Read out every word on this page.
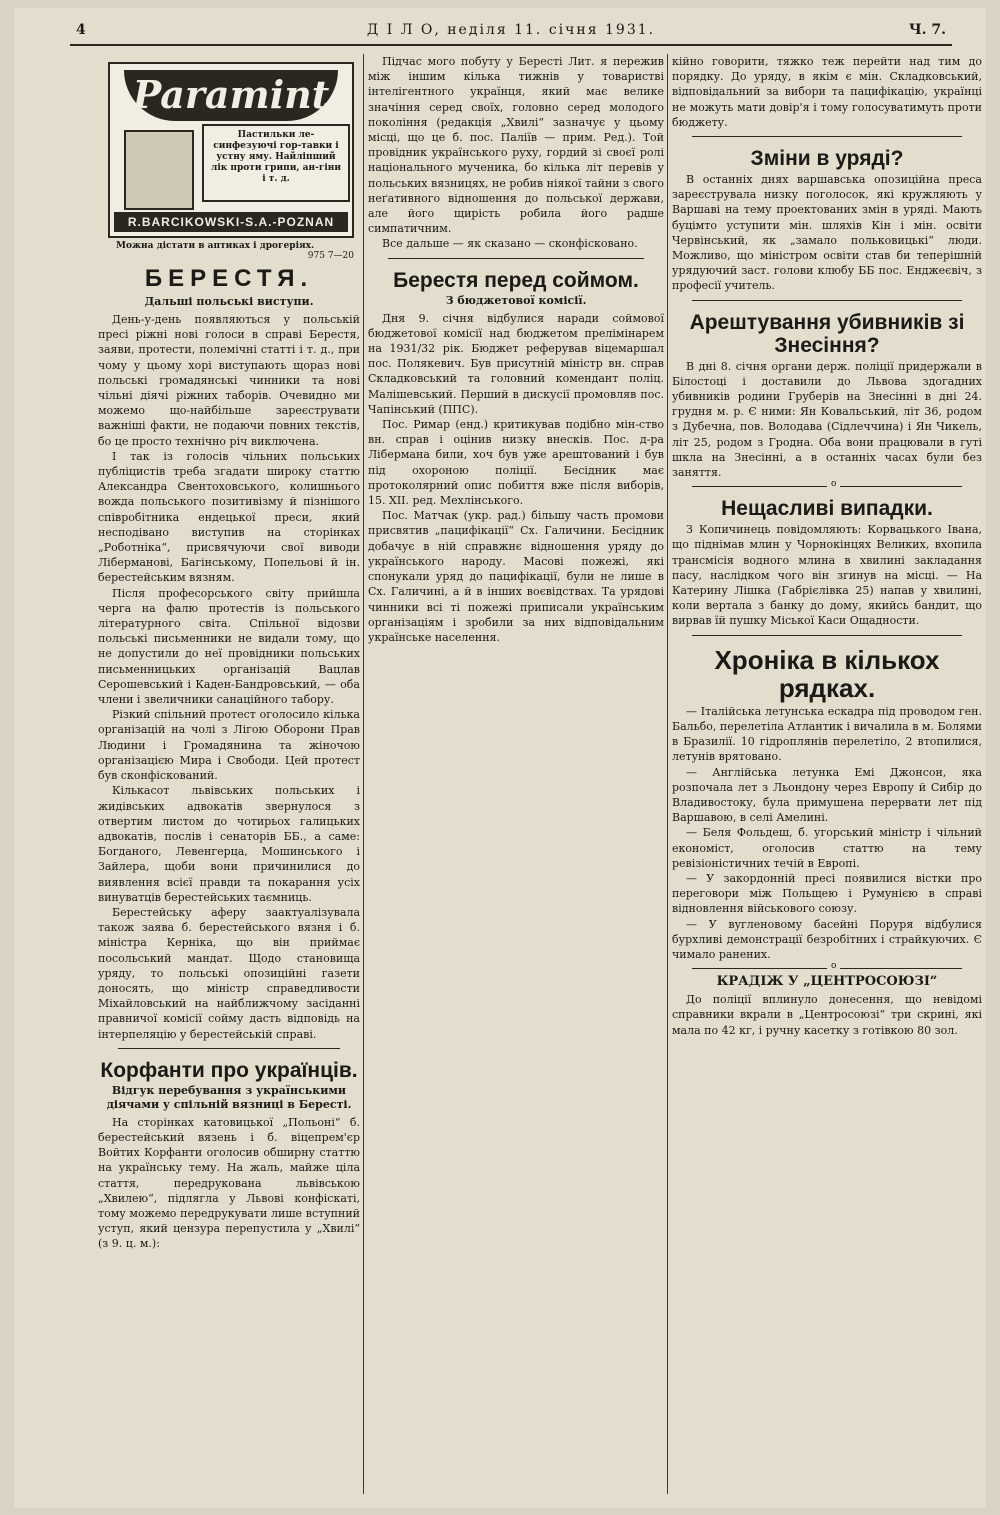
4	Д І Л О, неділя 11. січня 1931.	Ч. 7.
Paramint
Пастильки ле-синфезуючі гор-тавки і устну яму. Найліпший лік проти грипи, ан-гіни і т. д.
R.BARCIKOWSKI-S.A.-POZNAN
Можна дістати в аптиках і дрогеріях.
975 7—20
БЕРЕСТЯ.
Дальші польські виступи.

День-у-день появляються у польській пресі ріжні нові голоси в справі Берестя, заяви, протести, полемічні статті і т. д., при чому у цьому хорі виступають щораз нові польські громадянські чинники та нові чільні діячі ріжних таборів. Очевидно ми можемо що-найбільше зареєструвати важніші факти, не подаючи повних текстів, бо це просто технічно річ виключена.

І так із голосів чільних польських публіцистів треба згадати широку статтю Александра Свентоховського, колишнього вожда польського позитивізму й пізнішого співробітника ендецької преси, який несподівано виступив на сторінках „Роботніка“, присвячуючи свої виводи Ліберманові, Багінському, Попельові й ін. берестейським вязням.

Після професорського світу прийшла черга на фалю протестів із польського літературного світа. Спільної відозви польські письменники не видали тому, що не допустили до неї провідники польських письменницьких організацій Вацлав Серошевський і Каден-Бандровський, — оба члени і звеличники санаційного табору.

Різкий спільний протест оголосило кілька організацій на чолі з Лігою Оборони Прав Людини і Громадянина та жіночою організацією Мира і Свободи. Цей протест був сконфіскований.

Кількасот львівських польських і жидівських адвокатів звернулося з отвертим листом до чотирьох галицьких адвокатів, послів і сенаторів ББ., а саме: Богданого, Левенгерца, Мошинського і Зайлера, щоби вони причинилися до виявлення всієї правди та покарання усіх винуватців берестейських таємниць.

Берестейську аферу заактуалізувала також заява б. берестейського вязня і б. міністра Керніка, що він приймає посольський мандат. Щодо становища уряду, то польські опозиційні газети доносять, що міністр справедливости Міхайловський на найближчому засіданні правничої комісії сойму дасть відповідь на інтерпеляцію у берестейській справі.

Корфанти про українців.
Відгук перебування з українськими діячами у спільній вязниці в Бересті.

На сторінках катовицької „Польоні“ б. берестейський вязень і б. віцепрем'єр Войтих Корфанти оголосив обширну статтю на українську тему. На жаль, майже ціла стаття, передрукована львівською „Хвилею“, підлягла у Львові конфіскаті, тому можемо передрукувати лише вступний уступ, який цензура перепустила у „Хвилі“ (з 9. ц. м.):

Підчас мого побуту у Бересті Лит. я пережив між іншим кілька тижнів у товаристві інтелігентного українця, який має велике значіння серед своїх, головно серед молодого покоління (редакція „Хвилі“ зазначує у цьому місці, що це б. пос. Паліїв — прим. Ред.). Той провідник українського руху, гордий зі своєї ролі національного мученика, бо кілька літ перевів у польських вязницях, не робив ніякої тайни з свого неґативного відношення до польської держави, але його щирість робила його радше симпатичним.

Все дальше — як сказано — сконфісковано.

Берестя перед соймом.
З бюджетової комісії.

Дня 9. січня відбулися наради соймової бюджетової комісії над бюджетом прелімінарем на 1931/32 рік. Бюджет реферував віцемаршал пос. Полякевич. Був присутній міністр вн. справ Складковський та головний комендант поліц. Малішевський. Перший в дискусії промовляв пос. Чапінський (ППС).

Пос. Римар (енд.) критикував подібно мін-ство вн. справ і оцінив низку внесків. Пос. д-ра Лібермана били, хоч був уже арештований і був під охороною поліції. Бесідник має протоколярний опис побиття вже після виборів, 15. XII. ред. Мехлінського.

Пос. Матчак (укр. рад.) більшу часть промови присвятив „пацифікації“ Сх. Галичини. Бесідник добачує в ній справжнє відношення уряду до українського народу. Масові пожежі, які спонукали уряд до пацифікації, були не лише в Сх. Галичині, а й в інших воєвідствах. Та урядові чинники всі ті пожежі приписали українським організаціям і зробили за них відповідальним українське населення.

кійно говорити, тяжко теж перейти над тим до порядку. До уряду, в якім є мін. Складковський, відповідальний за вибори та пацифікацію, українці не можуть мати довір'я і тому голосуватимуть проти бюджету.

Зміни в уряді?

В останніх днях варшавська опозиційна преса зареєструвала низку поголосок, які кружляють у Варшаві на тему проектованих змін в уряді. Мають буцімто уступити мін. шляхів Кін і мін. освіти Червінський, як „замало польковицькі“ люди. Можливо, що міністром освіти став би теперішній урядуючий заст. голови клюбу ББ пос. Енджеєвіч, з професії учитель.

Арештування убивників зі Знесіння?

В дні 8. січня органи держ. поліції придержали в Білостоці і доставили до Львова здогадних убивників родини Груберів на Знесінні в дні 24. грудня м. р. Є ними: Ян Ковальський, літ 36, родом з Дубечна, пов. Володава (Сідлеччина) і Ян Чикель, літ 25, родом з Гродна. Оба вони працювали в гуті шкла на Знесінні, а в останніх часах були без заняття.

o
Нещасливі випадки.

З Копичинець повідомляють: Корвацького Івана, що піднімав млин у Чорнокінцях Великих, вхопила трансмісія водного млина в хвилині закладання пасу, наслідком чого він згинув на місці. — На Катерину Лішка (Габрієлівка 25) напав у хвилині, коли вертала з банку до дому, якийсь бандит, що вирвав їй пушку Міської Каси Ощадности.

Хроніка в кількох рядках.

— Італійська летунська ескадра під проводом ген. Бальбо, перелетіла Атлантик і вичалила в м. Болями в Бразилії. 10 гідроплянів перелетіло, 2 втопилися, летунів врятовано.

— Англійська летунка Емі Джонсон, яка розпочала лет з Льондону через Европу й Сибір до Владивостоку, була примушена перервати лет під Варшавою, в селі Амелині.

— Беля Фольдеш, б. угорський міністр і чільний економіст, оголосив статтю на тему ревізіоністичних течій в Европі.

— У закордонній пресі появилися вістки про переговори між Польщею і Румунією в справі відновлення військового союзу.

— У вугленовому басейні Поруря відбулися бурхливі демонстрації безробітних і страйкуючих. Є чимало ранених.

o
КРАДІЖ У „ЦЕНТРОСОЮЗІ“

До поліції вплинуло донесення, що невідомі справники вкрали в „Центросоюзі“ три скрині, які мала по 42 кг, і ручну касетку з готівкою 80 зол.
